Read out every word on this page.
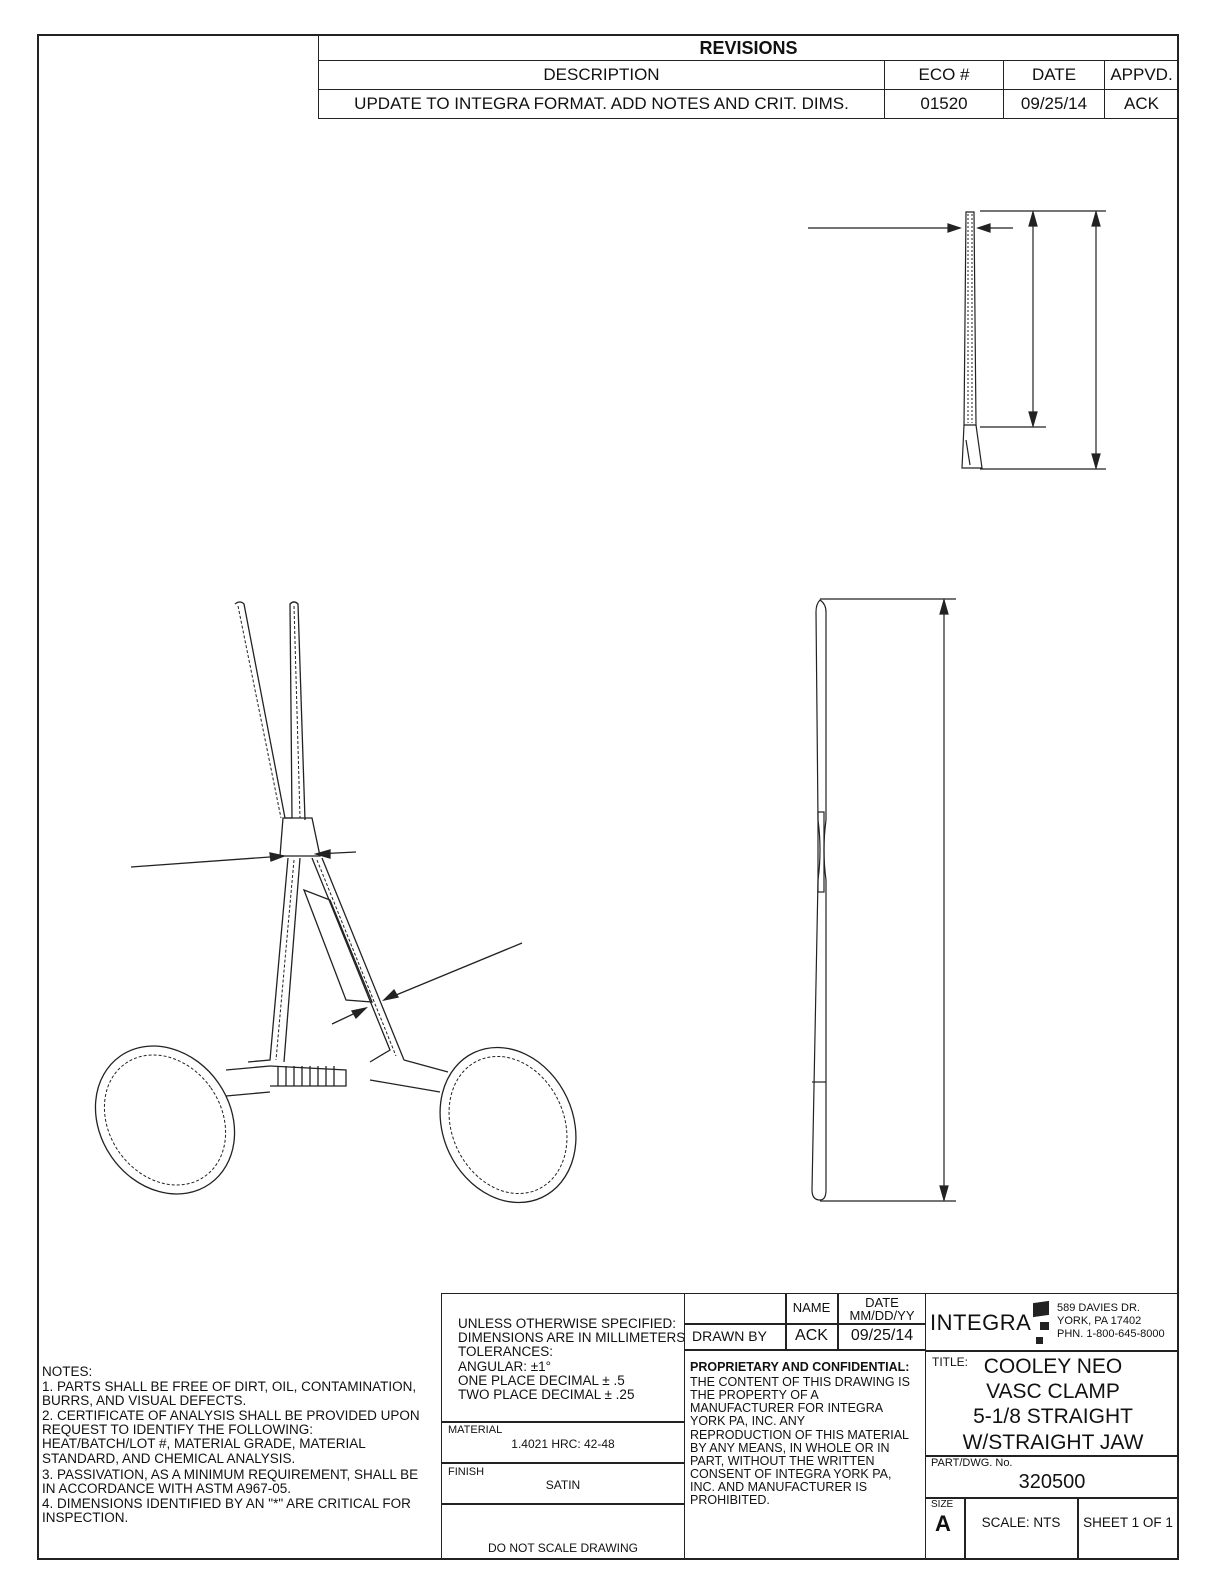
REVISIONS			
DESCRIPTION	ECO #	DATE	APPVD.
UPDATE TO INTEGRA FORMAT. ADD NOTES AND CRIT. DIMS.	01520	09/25/14	ACK
NOTES:
1. PARTS SHALL BE FREE OF DIRT, OIL, CONTAMINATION,
BURRS, AND VISUAL DEFECTS.
2. CERTIFICATE OF ANALYSIS SHALL BE PROVIDED UPON
REQUEST TO IDENTIFY THE FOLLOWING:
HEAT/BATCH/LOT #, MATERIAL GRADE, MATERIAL
STANDARD, AND CHEMICAL ANALYSIS.
3. PASSIVATION, AS A MINIMUM REQUIREMENT, SHALL BE
IN ACCORDANCE WITH ASTM A967-05.
4. DIMENSIONS IDENTIFIED BY AN "*" ARE CRITICAL FOR
INSPECTION.
UNLESS OTHERWISE SPECIFIED:
DIMENSIONS ARE IN MILLIMETERS
TOLERANCES:
ANGULAR: ±1°
ONE PLACE DECIMAL ± .5
TWO PLACE DECIMAL ± .25
MATERIAL
1.4021 HRC: 42-48
FINISH
SATIN
DO NOT SCALE DRAWING
NAME	DATE
MM/DD/YY
DRAWN BY	ACK	09/25/14
PROPRIETARY AND CONFIDENTIAL:
THE CONTENT OF THIS DRAWING IS
THE PROPERTY OF A
MANUFACTURER FOR INTEGRA
YORK PA, INC. ANY
REPRODUCTION OF THIS MATERIAL
BY ANY MEANS, IN WHOLE OR IN
PART, WITHOUT THE WRITTEN
CONSENT OF INTEGRA YORK PA,
INC. AND MANUFACTURER IS
PROHIBITED.
INTEGRA
589 DAVIES DR.
YORK, PA 17402
PHN. 1-800-645-8000
TITLE: COOLEY NEO
VASC CLAMP
5-1/8 STRAIGHT
W/STRAIGHT JAW
PART/DWG. No.
320500
SIZE
A	SCALE: NTS	SHEET 1 OF 1
